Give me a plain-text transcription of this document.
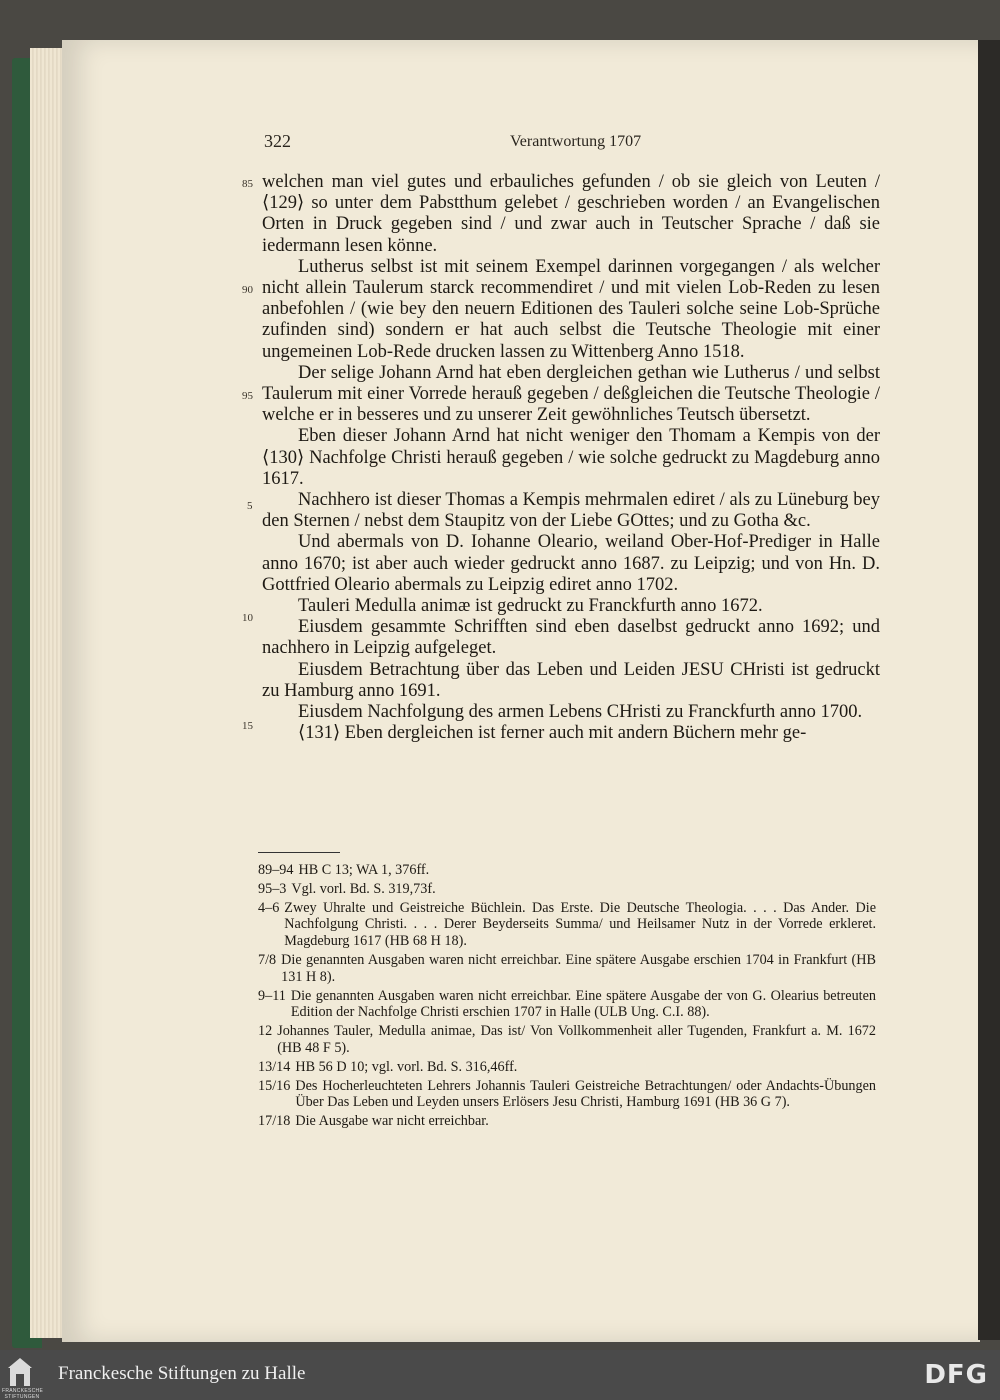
322	Verantwortung 1707
85
90
95
5
10
15

welchen man viel gutes und erbauliches gefunden / ob sie gleich von Leuten / ⟨129⟩ so unter dem Pabstthum gelebet / geschrieben worden / an Evangelischen Orten in Druck gegeben sind / und zwar auch in Teutscher Sprache / daß sie iedermann lesen könne.

Lutherus selbst ist mit seinem Exempel darinnen vorgegangen / als welcher nicht allein Taulerum starck recommendiret / und mit vielen Lob-Reden zu lesen anbefohlen / (wie bey den neuern Editionen des Tauleri solche seine Lob-Sprüche zufinden sind) sondern er hat auch selbst die Teutsche Theologie mit einer ungemeinen Lob-Rede drucken lassen zu Wittenberg Anno 1518.

Der selige Johann Arnd hat eben dergleichen gethan wie Lutherus / und selbst Taulerum mit einer Vorrede herauß gegeben / deßgleichen die Teutsche Theologie / welche er in besseres und zu unserer Zeit gewöhnliches Teutsch übersetzt.

Eben dieser Johann Arnd hat nicht weniger den Thomam a Kempis von der ⟨130⟩ Nachfolge Christi herauß gegeben / wie solche gedruckt zu Magdeburg anno 1617.

Nachhero ist dieser Thomas a Kempis mehrmalen ediret / als zu Lüneburg bey den Sternen / nebst dem Staupitz von der Liebe GOttes; und zu Gotha &c.

Und abermals von D. Iohanne Oleario, weiland Ober-Hof-Prediger in Halle anno 1670; ist aber auch wieder gedruckt anno 1687. zu Leipzig; und von Hn. D. Gottfried Oleario abermals zu Leipzig ediret anno 1702.

Tauleri Medulla animæ ist gedruckt zu Franckfurth anno 1672.

Eiusdem gesammte Schrifften sind eben daselbst gedruckt anno 1692; und nachhero in Leipzig aufgeleget.

Eiusdem Betrachtung über das Leben und Leiden JESU CHristi ist gedruckt zu Hamburg anno 1691.

Eiusdem Nachfolgung des armen Lebens CHristi zu Franckfurth anno 1700.

⟨131⟩ Eben dergleichen ist ferner auch mit andern Büchern mehr ge-

89–94 HB C 13; WA 1, 376ff.
95–3 Vgl. vorl. Bd. S. 319,73f.
4–6 Zwey Uhralte und Geistreiche Büchlein. Das Erste. Die Deutsche Theologia. . . . Das Ander. Die Nachfolgung Christi. . . . Derer Beyderseits Summa/ und Heilsamer Nutz in der Vorrede erkleret. Magdeburg 1617 (HB 68 H 18).
7/8 Die genannten Ausgaben waren nicht erreichbar. Eine spätere Ausgabe erschien 1704 in Frankfurt (HB 131 H 8).
9–11 Die genannten Ausgaben waren nicht erreichbar. Eine spätere Ausgabe der von G. Olearius betreuten Edition der Nachfolge Christi erschien 1707 in Halle (ULB Ung. C.I. 88).
12 Johannes Tauler, Medulla animae, Das ist/ Von Vollkommenheit aller Tugenden, Frankfurt a. M. 1672 (HB 48 F 5).
13/14 HB 56 D 10; vgl. vorl. Bd. S. 316,46ff.
15/16 Des Hocherleuchteten Lehrers Johannis Tauleri Geistreiche Betrachtungen/ oder Andachts-Übungen Über Das Leben und Leyden unsers Erlösers Jesu Christi, Hamburg 1691 (HB 36 G 7).
17/18 Die Ausgabe war nicht erreichbar.
FRANCKESCHE STIFTUNGEN
Franckesche Stiftungen zu Halle	DFG
